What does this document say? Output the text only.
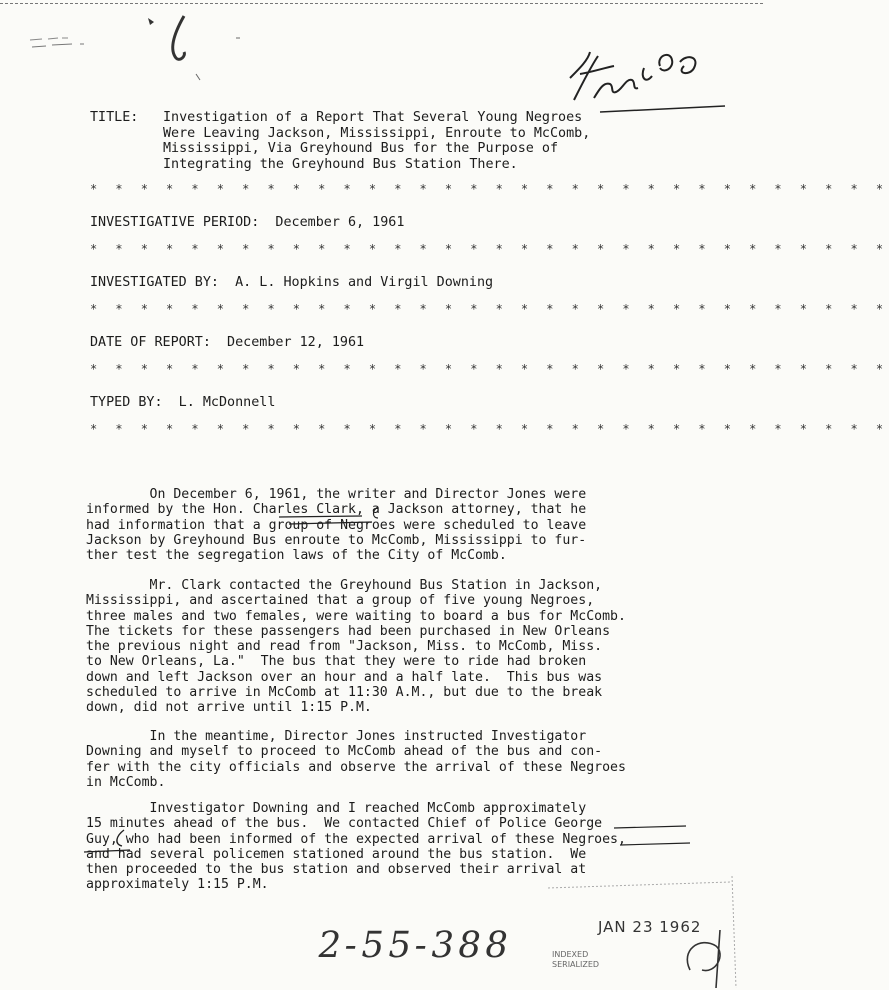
TITLE: Investigation of a Report That Several Young Negroes
Were Leaving Jackson, Mississippi, Enroute to McComb,
Mississippi, Via Greyhound Bus for the Purpose of
Integrating the Greyhound Bus Station There.
* * * * * * * * * * * * * * * * * * * * * * * * * * * * * * * *
INVESTIGATIVE PERIOD:  December 6, 1961
* * * * * * * * * * * * * * * * * * * * * * * * * * * * * * * *
INVESTIGATED BY:  A. L. Hopkins and Virgil Downing
* * * * * * * * * * * * * * * * * * * * * * * * * * * * * * * *
DATE OF REPORT:  December 12, 1961
* * * * * * * * * * * * * * * * * * * * * * * * * * * * * * * *
TYPED BY:  L. McDonnell
* * * * * * * * * * * * * * * * * * * * * * * * * * * * * * * *
On December 6, 1961, the writer and Director Jones were
informed by the Hon. Charles Clark, a Jackson attorney, that he
had information that a group of Negroes were scheduled to leave
Jackson by Greyhound Bus enroute to McComb, Mississippi to fur-
ther test the segregation laws of the City of McComb.
Mr. Clark contacted the Greyhound Bus Station in Jackson,
Mississippi, and ascertained that a group of five young Negroes,
three males and two females, were waiting to board a bus for McComb.
The tickets for these passengers had been purchased in New Orleans
the previous night and read from "Jackson, Miss. to McComb, Miss.
to New Orleans, La."  The bus that they were to ride had broken
down and left Jackson over an hour and a half late.  This bus was
scheduled to arrive in McComb at 11:30 A.M., but due to the break
down, did not arrive until 1:15 P.M.
In the meantime, Director Jones instructed Investigator
Downing and myself to proceed to McComb ahead of the bus and con-
fer with the city officials and observe the arrival of these Negroes
in McComb.
Investigator Downing and I reached McComb approximately
15 minutes ahead of the bus.  We contacted Chief of Police George
Guy, who had been informed of the expected arrival of these Negroes,
and had several policemen stationed around the bus station.  We
then proceeded to the bus station and observed their arrival at
approximately 1:15 P.M.
2-55-388	JAN 23 1962
INDEXED
SERIALIZED
